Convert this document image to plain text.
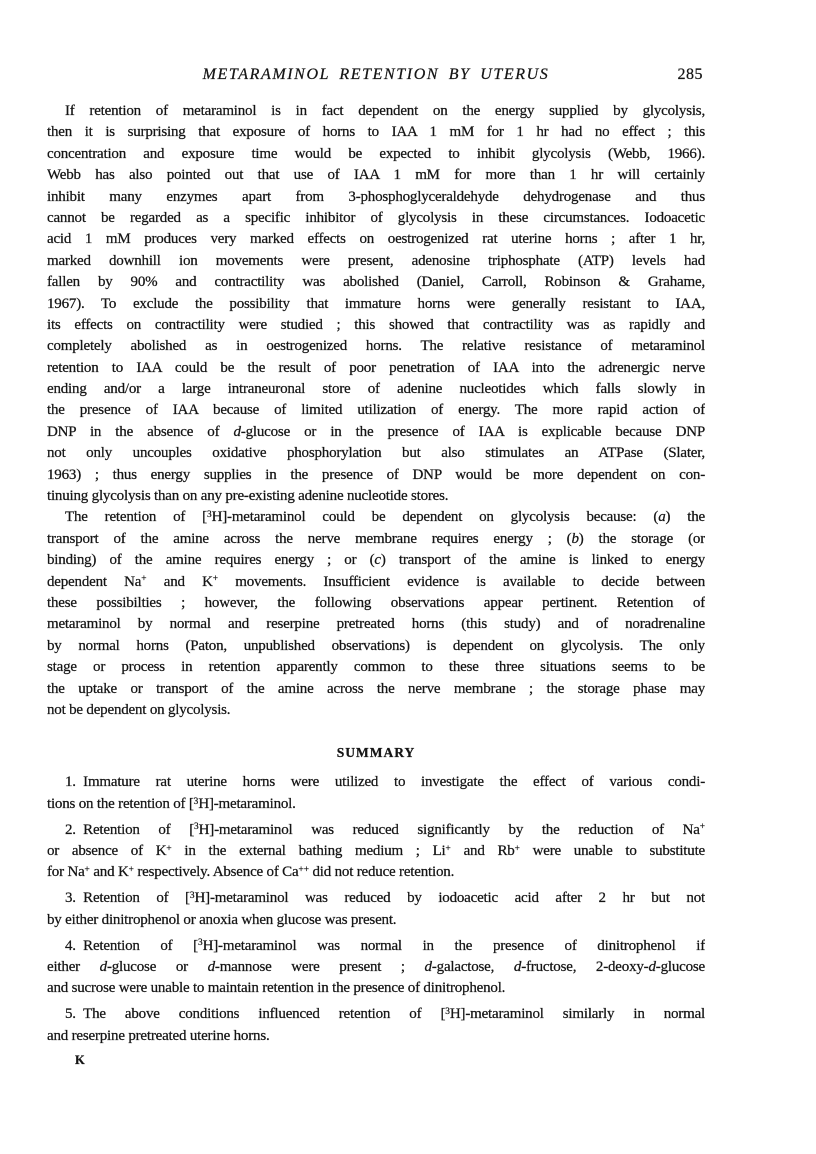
METARAMINOL RETENTION BY UTERUS	285
If retention of metaraminol is in fact dependent on the energy supplied by glycolysis,
then it is surprising that exposure of horns to IAA 1 mM for 1 hr had no effect ; this
concentration and exposure time would be expected to inhibit glycolysis (Webb, 1966).
Webb has also pointed out that use of IAA 1 mM for more than 1 hr will certainly
inhibit many enzymes apart from 3-phosphoglyceraldehyde dehydrogenase and thus
cannot be regarded as a specific inhibitor of glycolysis in these circumstances. Iodoacetic
acid 1 mM produces very marked effects on oestrogenized rat uterine horns ; after 1 hr,
marked downhill ion movements were present, adenosine triphosphate (ATP) levels had
fallen by 90% and contractility was abolished (Daniel, Carroll, Robinson & Grahame,
1967). To exclude the possibility that immature horns were generally resistant to IAA,
its effects on contractility were studied ; this showed that contractility was as rapidly and
completely abolished as in oestrogenized horns. The relative resistance of metaraminol
retention to IAA could be the result of poor penetration of IAA into the adrenergic nerve
ending and/or a large intraneuronal store of adenine nucleotides which falls slowly in
the presence of IAA because of limited utilization of energy. The more rapid action of
DNP in the absence of d-glucose or in the presence of IAA is explicable because DNP
not only uncouples oxidative phosphorylation but also stimulates an ATPase (Slater,
1963) ; thus energy supplies in the presence of DNP would be more dependent on con-
tinuing glycolysis than on any pre-existing adenine nucleotide stores.
The retention of [$^3$H]-metaraminol could be dependent on glycolysis because: (a) the
transport of the amine across the nerve membrane requires energy ; (b) the storage (or
binding) of the amine requires energy ; or (c) transport of the amine is linked to energy
dependent Na+ and K+ movements. Insufficient evidence is available to decide between
these possibilties ; however, the following observations appear pertinent. Retention of
metaraminol by normal and reserpine pretreated horns (this study) and of noradrenaline
by normal horns (Paton, unpublished observations) is dependent on glycolysis. The only
stage or process in retention apparently common to these three situations seems to be
the uptake or transport of the amine across the nerve membrane ; the storage phase may
not be dependent on glycolysis.
SUMMARY
1. Immature rat uterine horns were utilized to investigate the effect of various condi-
tions on the retention of [$^3$H]-metaraminol.
2. Retention of [$^3$H]-metaraminol was reduced significantly by the reduction of Na+
or absence of K+ in the external bathing medium ; Li+ and Rb+ were unable to substitute
for Na+ and K+ respectively. Absence of Ca++ did not reduce retention.
3. Retention of [$^3$H]-metaraminol was reduced by iodoacetic acid after 2 hr but not
by either dinitrophenol or anoxia when glucose was present.
4. Retention of [$^3$H]-metaraminol was normal in the presence of dinitrophenol if
either d-glucose or d-mannose were present ; d-galactose, d-fructose, 2-deoxy-d-glucose
and sucrose were unable to maintain retention in the presence of dinitrophenol.
5. The above conditions influenced retention of [$^3$H]-metaraminol similarly in normal
and reserpine pretreated uterine horns.
K
